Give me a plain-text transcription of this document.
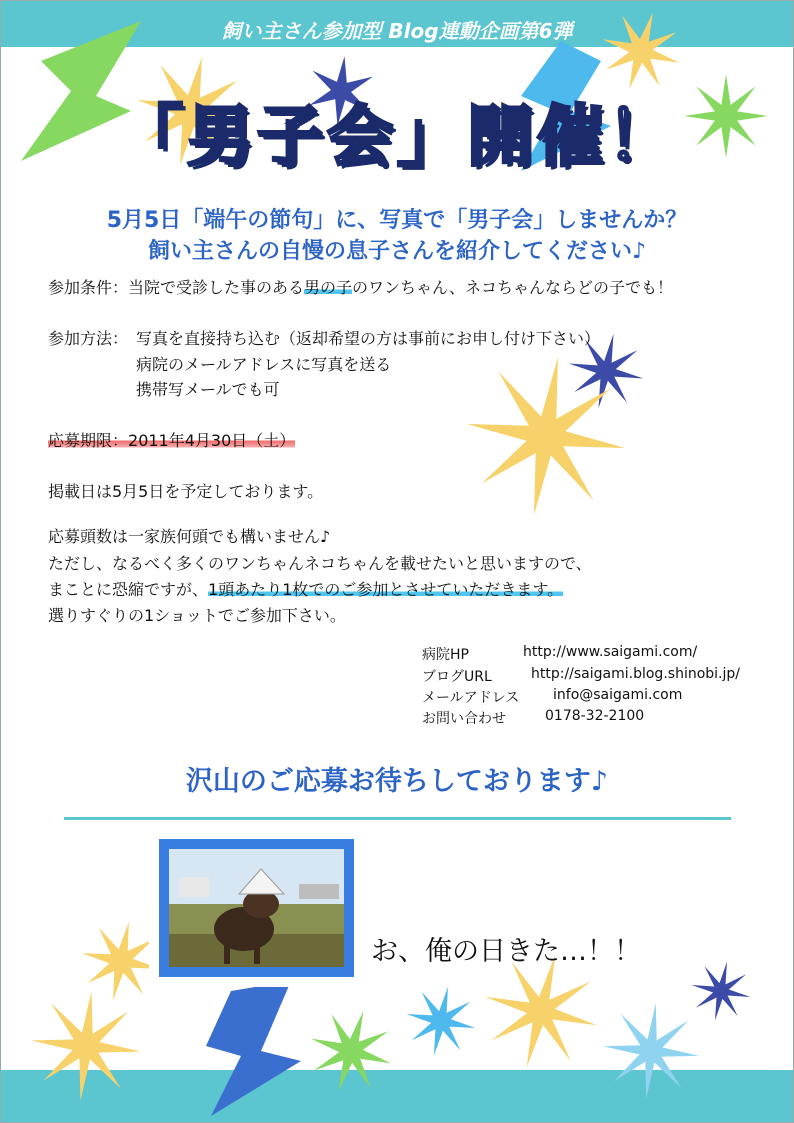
飼い主さん参加型 Blog連動企画第6弾
「男子会」開催！
5月5日「端午の節句」に、写真で「男子会」しませんか？
飼い主さんの自慢の息子さんを紹介してください♪
参加条件：当院で受診した事のある男の子のワンちゃん、ネコちゃんならどの子でも！
参加方法： 写真を直接持ち込む（返却希望の方は事前にお申し付け下さい）
病院のメールアドレスに写真を送る
携帯写メールでも可
応募期限：2011年4月30日（土）
掲載日は5月5日を予定しております。
応募頭数は一家族何頭でも構いません♪
ただし、なるべく多くのワンちゃんネコちゃんを載せたいと思いますので、
まことに恐縮ですが、1頭あたり1枚でのご参加とさせていただきます。
選りすぐりの1ショットでご参加下さい。
病院HP	http://www.saigami.com/
ブログURL	http://saigami.blog.shinobi.jp/
メールアドレス info@saigami.com
お問い合わせ	0178-32-2100
沢山のご応募お待ちしております♪
お、俺の日きた…！！
